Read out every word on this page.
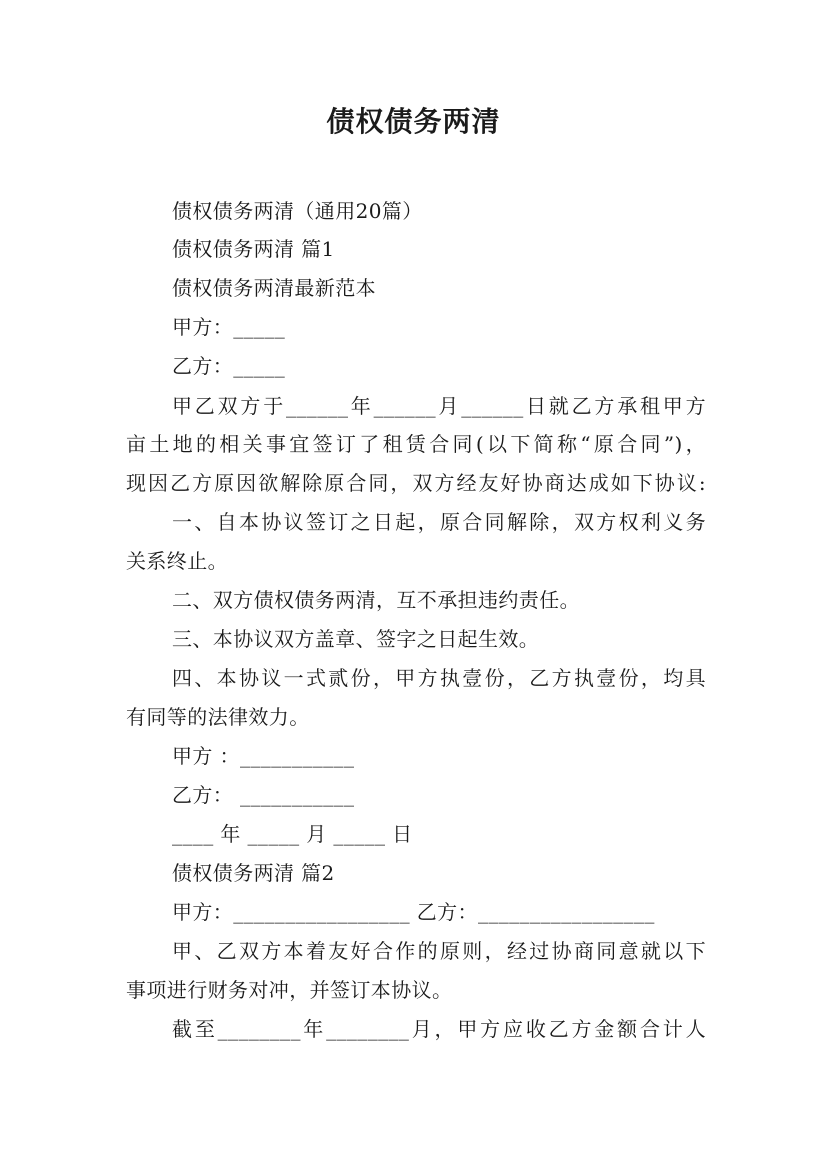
债权债务两清
债权债务两清（通用20篇）
债权债务两清 篇1
债权债务两清最新范本
甲方：_____
乙方：_____
甲乙双方于______年______月______日就乙方承租甲方
亩土地的相关事宜签订了租赁合同(以下简称“原合同”)，
现因乙方原因欲解除原合同，双方经友好协商达成如下协议:
一、自本协议签订之日起，原合同解除，双方权利义务
关系终止。
二、双方债权债务两清，互不承担违约责任。
三、本协议双方盖章、签字之日起生效。
四、本协议一式贰份，甲方执壹份，乙方执壹份，均具
有同等的法律效力。
甲方 ：___________
乙方： ___________
____ 年 _____ 月 _____ 日
债权债务两清 篇2
甲方：_________________ 乙方：_________________
甲、乙双方本着友好合作的原则，经过协商同意就以下
事项进行财务对冲，并签订本协议。
截至________年________月，甲方应收乙方金额合计人
